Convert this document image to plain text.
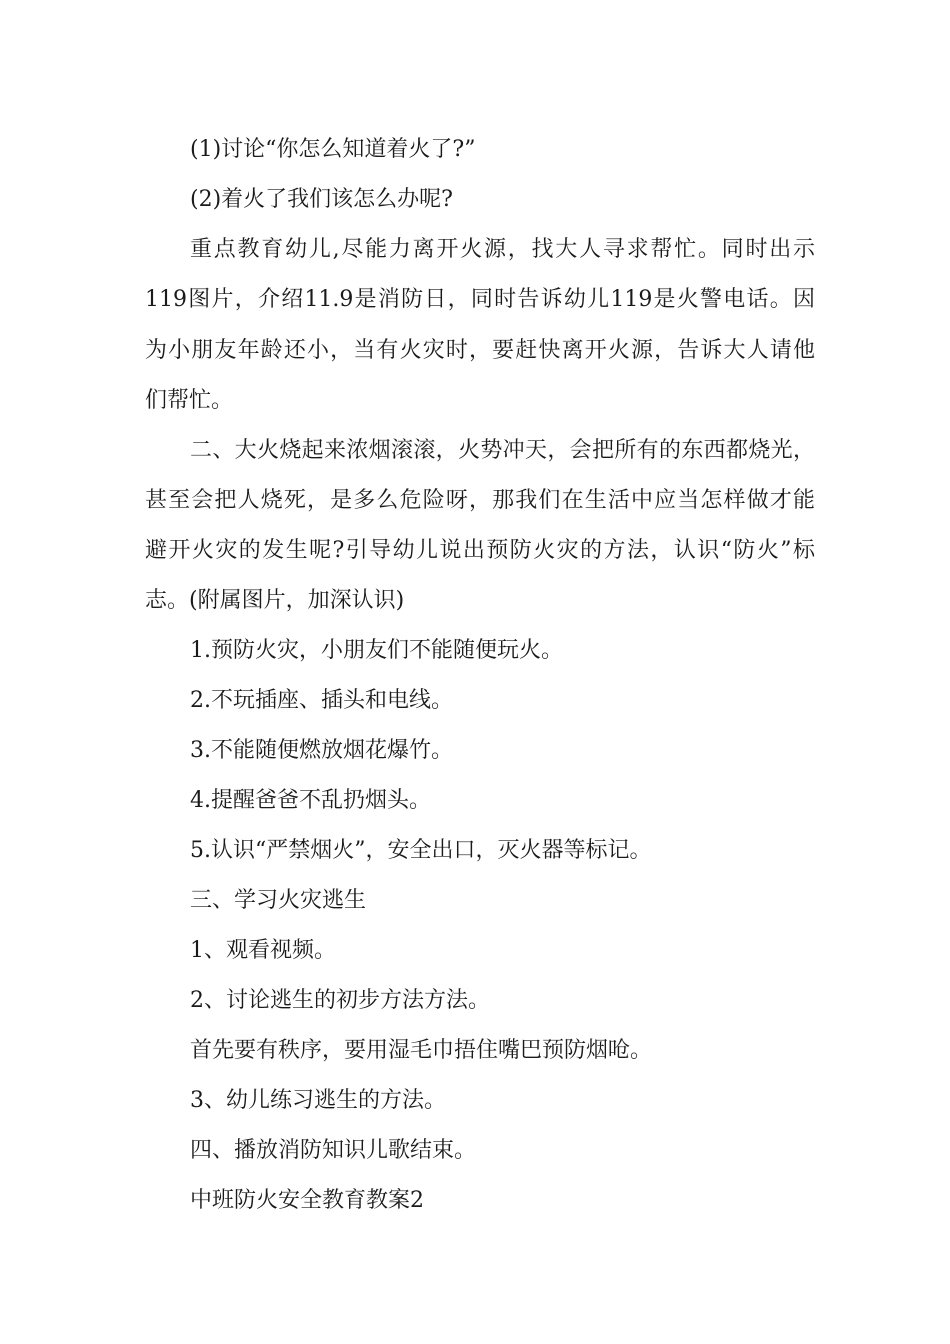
(1)讨论“你怎么知道着火了?”
(2)着火了我们该怎么办呢?
重点教育幼儿,尽能力离开火源，找大人寻求帮忙。同时出示
119图片，介绍11.9是消防日，同时告诉幼儿119是火警电话。因
为小朋友年龄还小，当有火灾时，要赶快离开火源，告诉大人请他
们帮忙。
二、大火烧起来浓烟滚滚，火势冲天，会把所有的东西都烧光，
甚至会把人烧死，是多么危险呀，那我们在生活中应当怎样做才能
避开火灾的发生呢?引导幼儿说出预防火灾的方法，认识“防火”标
志。(附属图片，加深认识)
1.预防火灾，小朋友们不能随便玩火。
2.不玩插座、插头和电线。
3.不能随便燃放烟花爆竹。
4.提醒爸爸不乱扔烟头。
5.认识“严禁烟火”，安全出口，灭火器等标记。
三、学习火灾逃生
1、观看视频。
2、讨论逃生的初步方法方法。
首先要有秩序，要用湿毛巾捂住嘴巴预防烟呛。
3、幼儿练习逃生的方法。
四、播放消防知识儿歌结束。
中班防火安全教育教案2
